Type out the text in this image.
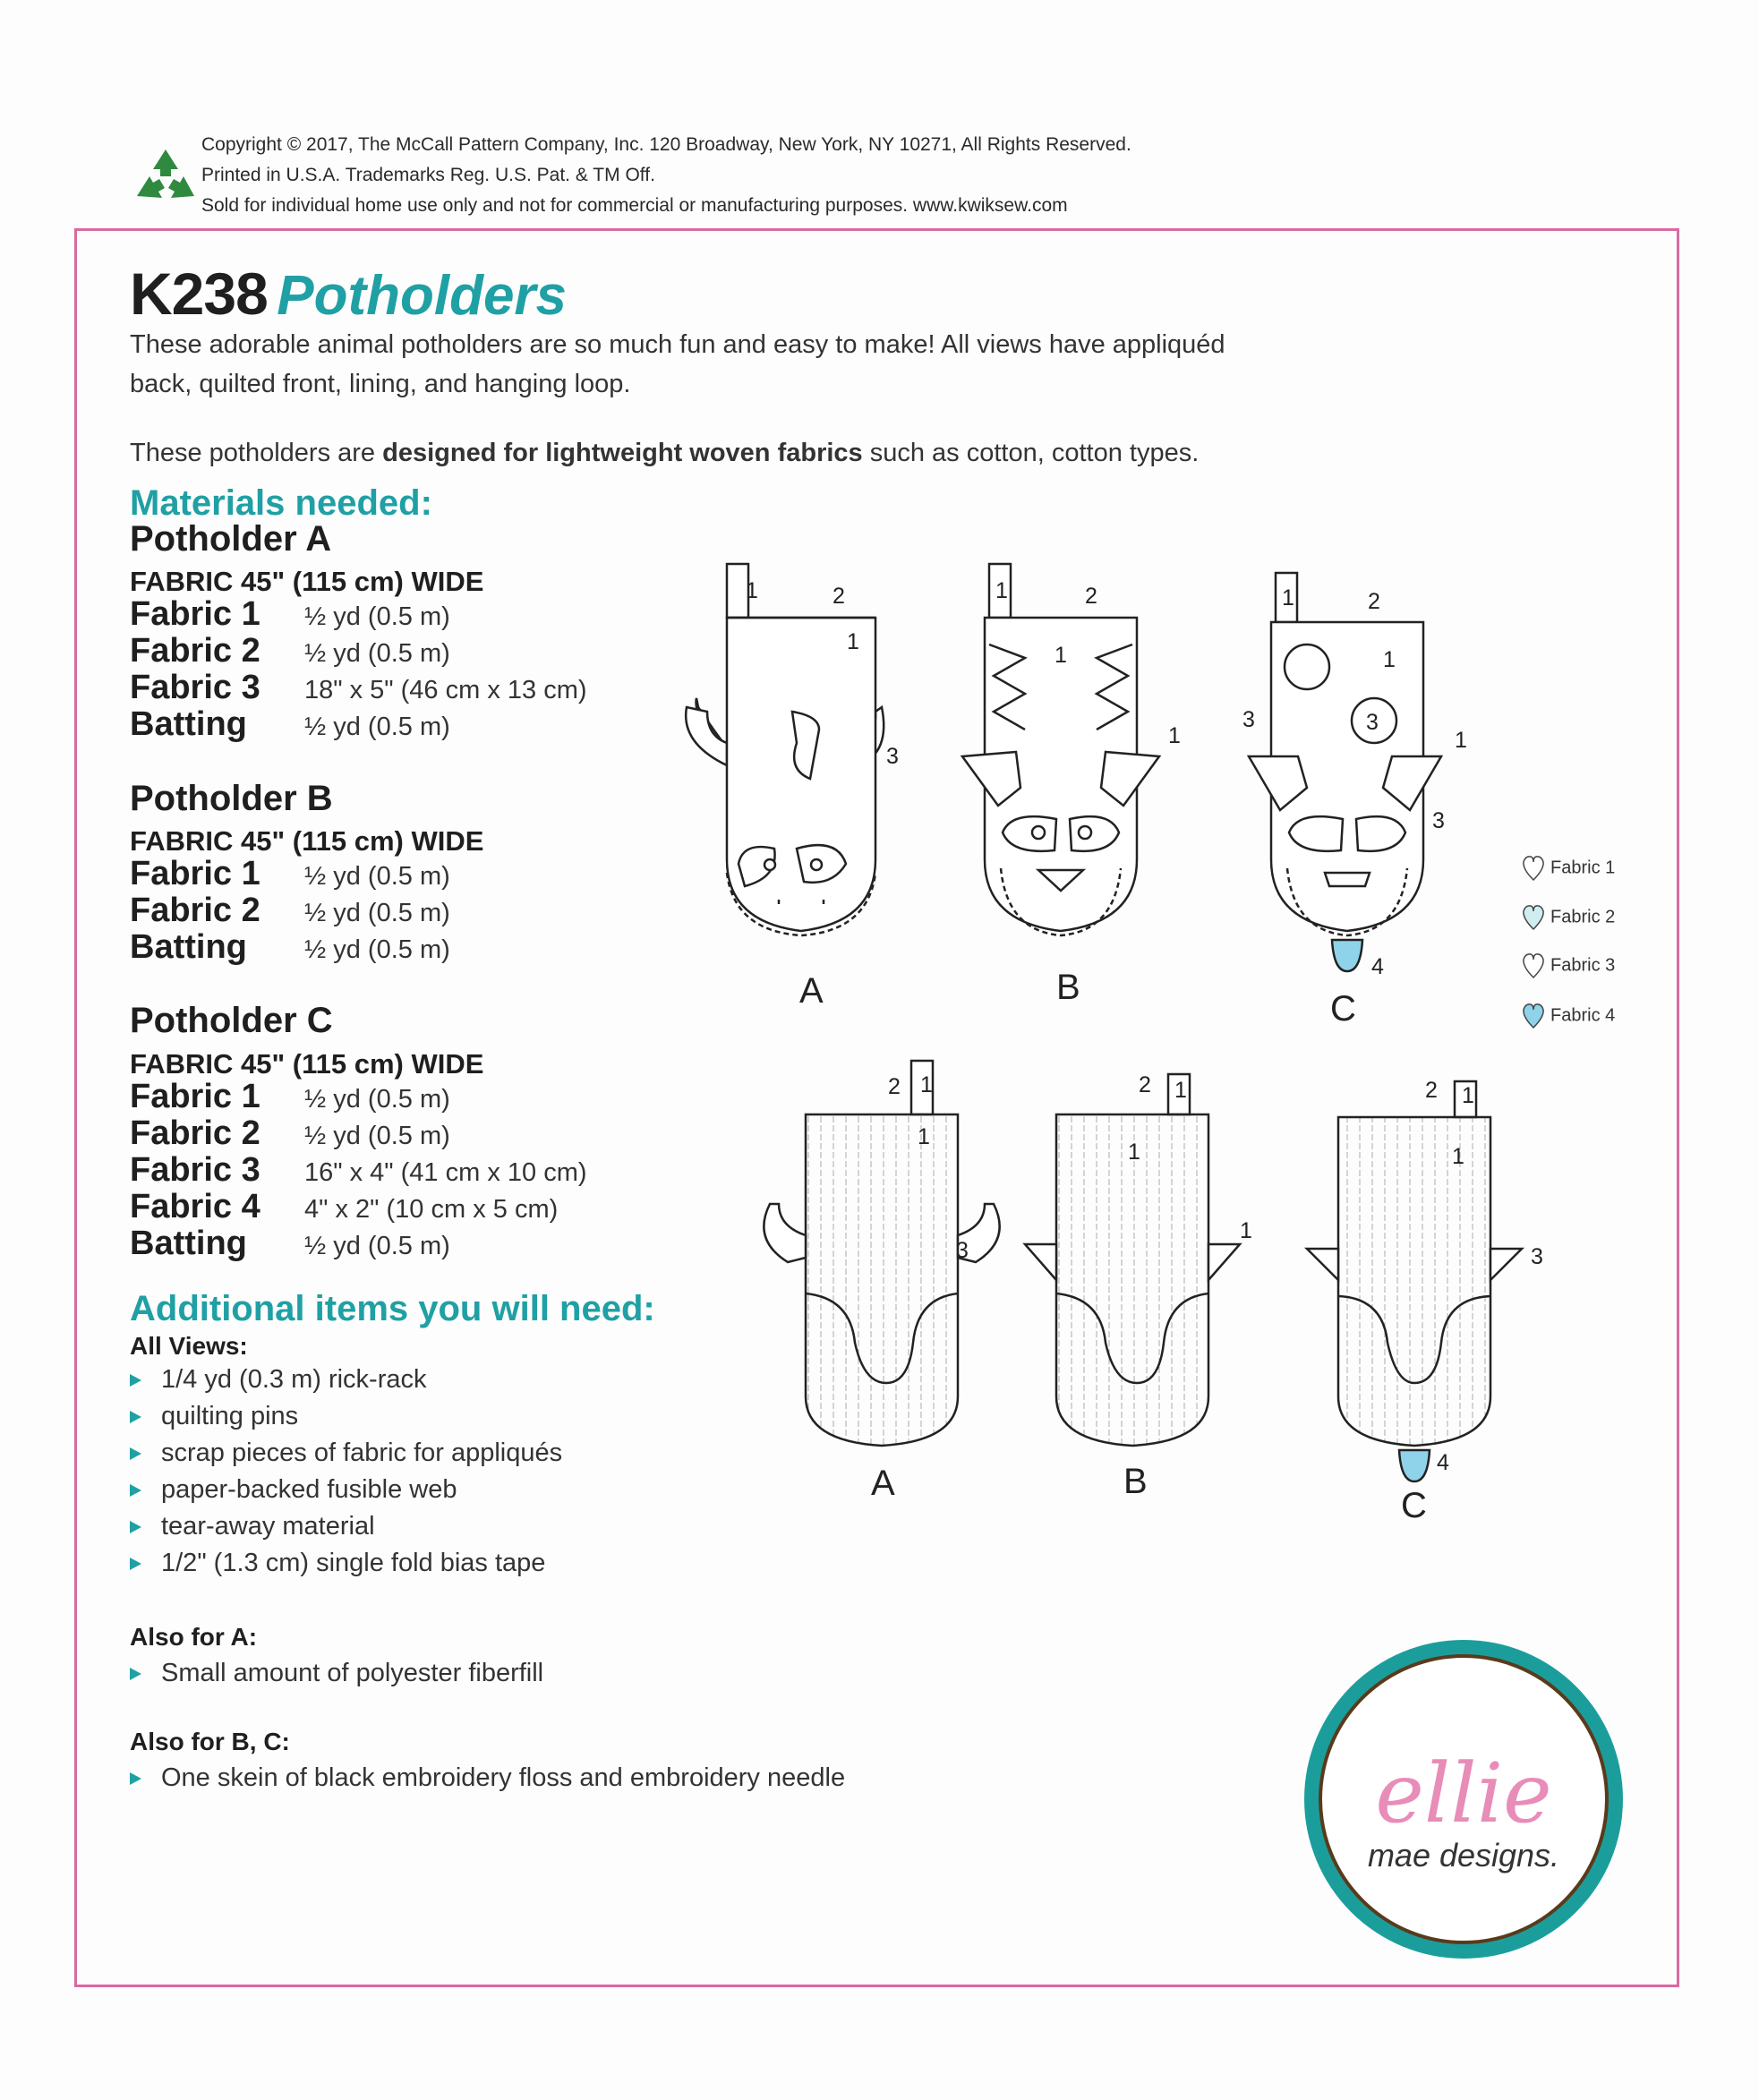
Copyright © 2017, The McCall Pattern Company, Inc. 120 Broadway, New York, NY 10271, All Rights Reserved.
Printed in U.S.A. Trademarks Reg. U.S. Pat. & TM Off.
Sold for individual home use only and not for commercial or manufacturing purposes. www.kwiksew.com
K238 Potholders
These adorable animal potholders are so much fun and easy to make! All views have appliquéd back, quilted front, lining, and hanging loop.
These potholders are designed for lightweight woven fabrics such as cotton, cotton types.
Materials needed:
Potholder A
FABRIC 45" (115 cm) WIDE
Fabric 1 ½ yd (0.5 m)
Fabric 2 ½ yd (0.5 m)
Fabric 3 18" x 5" (46 cm x 13 cm)
Batting ½ yd (0.5 m)
Potholder B
FABRIC 45" (115 cm) WIDE
Fabric 1 ½ yd (0.5 m)
Fabric 2 ½ yd (0.5 m)
Batting ½ yd (0.5 m)
Potholder C
FABRIC 45" (115 cm) WIDE
Fabric 1 ½ yd (0.5 m)
Fabric 2 ½ yd (0.5 m)
Fabric 3 16" x 4" (41 cm x 10 cm)
Fabric 4 4" x 2" (10 cm x 5 cm)
Batting ½ yd (0.5 m)
Additional items you will need:
All Views:
1/4 yd (0.3 m) rick-rack
quilting pins
scrap pieces of fabric for appliqués
paper-backed fusible web
tear-away material
1/2" (1.3 cm) single fold bias tape
Also for A:
Small amount of polyester fiberfill
Also for B, C:
One skein of black embroidery floss and embroidery needle
A	B
C
A	B
C
1	2
1
3
1	2
1
1
1	2
1
3	3
1
3
4
2 1
1
3
2 1
1
1
2 1
1
3
4
Fabric 1
Fabric 2
Fabric 3
Fabric 4
ellie
mae designs.
